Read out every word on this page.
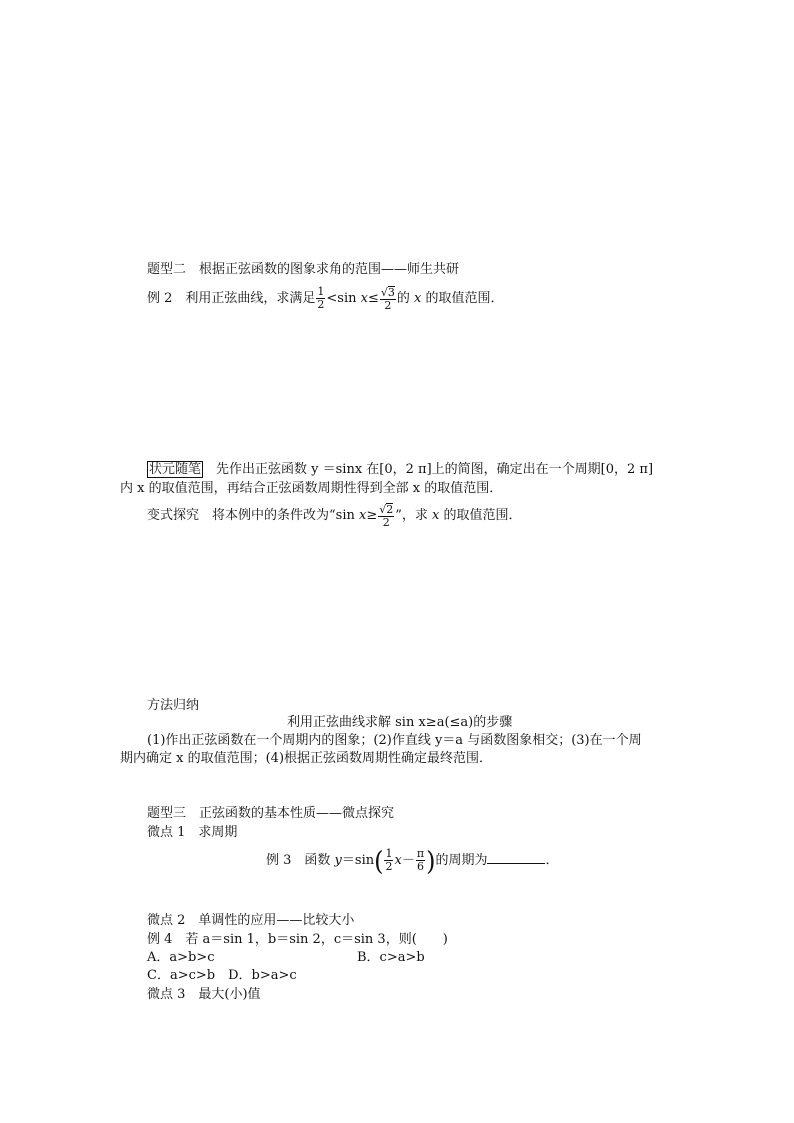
题型二　根据正弦函数的图象求角的范围——师生共研
例 2　利用正弦曲线，求满足 $\frac{1}{2} <\sin$ $x\le \frac{√3}{2}$ 的 x 的取值范围．
状元随笔　先作出正弦函数 y ＝sinx 在[0，2 π]上的简图，确定出在一个周期[0，2 π]
内 x 的取值范围，再结合正弦函数周期性得到全部 x 的取值范围．
变式探究　将本例中的条件改为“sin $x\ge \frac{√2}{2}$ ”，求 x 的取值范围．
方法归纳
利用正弦曲线求解 sin x≥a(≤a)的步骤
(1)作出正弦函数在一个周期内的图象；(2)作直线 y＝a 与函数图象相交；(3)在一个周
期内确定 x 的取值范围；(4)根据正弦函数周期性确定最终范围．
题型三　正弦函数的基本性质——微点探究
微点 1　求周期
例 3　函数 $y=\sin( \frac{1}{2} x- \frac{\pi}{6}$ )的周期为	．
微点 2　单调性的应用——比较大小
例 4　若 a＝sin 1，b＝sin 2，c＝sin 3，则(　　)
A．a>b>c	B．c>a>b
C．a>c>b　D．b>a>c
微点 3　最大(小)值
